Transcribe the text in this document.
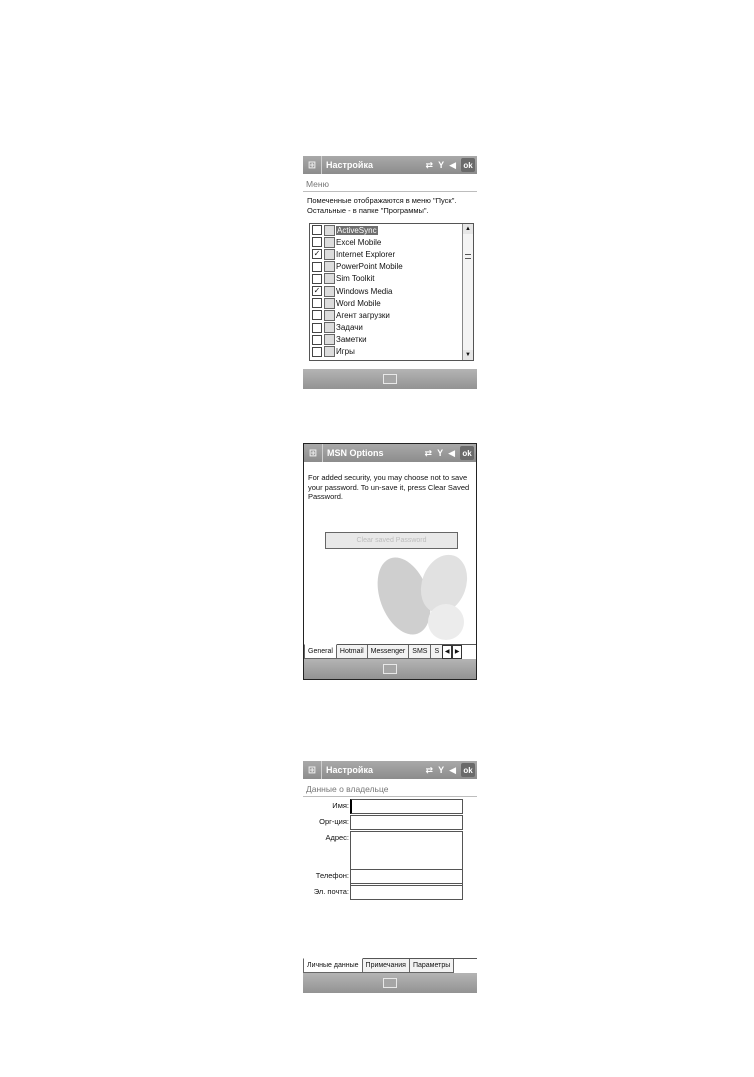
⊞	Настройка	⇄ Y ◀ ok
Меню
Помеченные отображаются в меню "Пуск". Остальные - в папке "Программы".
ActiveSync
Excel Mobile
✓ Internet Explorer
PowerPoint Mobile
Sim Toolkit
✓ Windows Media
Word Mobile
Агент загрузки
Задачи
Заметки
Игры
▲
▼
⊞	MSN Options	⇄ Y ◀ ok
For added security, you may choose not to save your password. To un-save it, press Clear Saved Password.
Clear saved Password
General	Hotmail	Messenger	SMS	S ◀ ▶
⊞	Настройка	⇄ Y ◀ ok
Данные о владельце
Имя:
Орг-ция:
Адрес:
Телефон:
Эл. почта:
Личные данные	Примечания	Параметры
